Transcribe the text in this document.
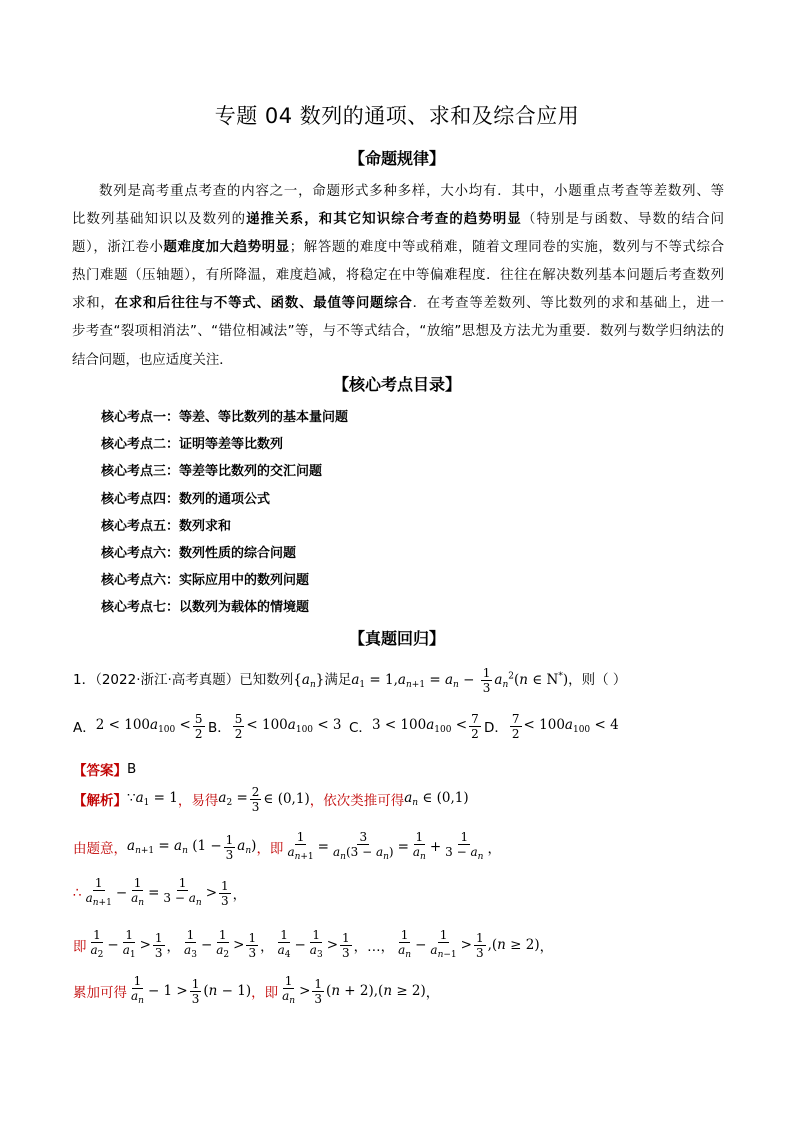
专题 04 数列的通项、求和及综合应用
【命题规律】

数列是高考重点考查的内容之一，命题形式多种多样，大小均有．其中，小题重点考查等差数列、等

比数列基础知识以及数列的递推关系，和其它知识综合考查的趋势明显（特别是与函数、导数的结合问

题），浙江卷小题难度加大趋势明显；解答题的难度中等或稍难，随着文理同卷的实施，数列与不等式综合

热门难题（压轴题），有所降温，难度趋减，将稳定在中等偏难程度．往往在解决数列基本问题后考查数列

求和，在求和后往往与不等式、函数、最值等问题综合．在考查等差数列、等比数列的求和基础上，进一

步考查“裂项相消法”、“错位相减法”等，与不等式结合，“放缩”思想及方法尤为重要．数列与数学归纳法的

结合问题，也应适度关注．

【核心考点目录】
核心考点一：等差、等比数列的基本量问题
核心考点二：证明等差等比数列
核心考点三：等差等比数列的交汇问题
核心考点四：数列的通项公式
核心考点五：数列求和
核心考点六：数列性质的综合问题
核心考点六：实际应用中的数列问题
核心考点七：以数列为载体的情境题
【真题回归】
1．（2022·浙江·高考真题）已知数列$\{a_n\}$满足$a_1 = 1,a_{n+1} = a_n - \frac{1}{3} a_n^2(n$ ∈ N*)，则（ ）
A． $2 < 100a_{100} < \frac{5}{2}$ B． $\frac{5}{2} < 100a_{100} < 3$ C． $3 < 100a_{100} < \frac{7}{2}$ D． $\frac{7}{2} < 100a_{100} < 4$
【答案】 B
【解析】 $\because a_1 = 1$ ，易得 $a_2 = \frac{2}{3}$ ∈ (0,1) ，依次类推可得 $a_n$ ∈ (0,1)
由题意， $a_{n+1} = a_n$ $(1 - \frac{1}{3} a_n)$ ，即 $\frac{1}{a_{n+1}} = \frac{3}{a_n(3 - a_n)} = \frac{1}{a_n} + \frac{1}{3 - a_n}$ ，
∴ $\frac{1}{a_{n+1}} - \frac{1}{a_n} = \frac{1}{3 - a_n} > \frac{1}{3}$ ，
即 $\frac{1}{a_2} - \frac{1}{a_1} > \frac{1}{3}$ ， $\frac{1}{a_3} - \frac{1}{a_2} > \frac{1}{3}$ ， $\frac{1}{a_4} - \frac{1}{a_3} > \frac{1}{3}$ ，…， $\frac{1}{a_n} - \frac{1}{a_{n-1}} > \frac{1}{3} ,(n \ge 2)$ ，
累加可得 $\frac{1}{a_n} - 1 > \frac{1}{3} (n - 1)$ ，即 $\frac{1}{a_n} > \frac{1}{3} (n + 2),(n \ge 2)$ ，
